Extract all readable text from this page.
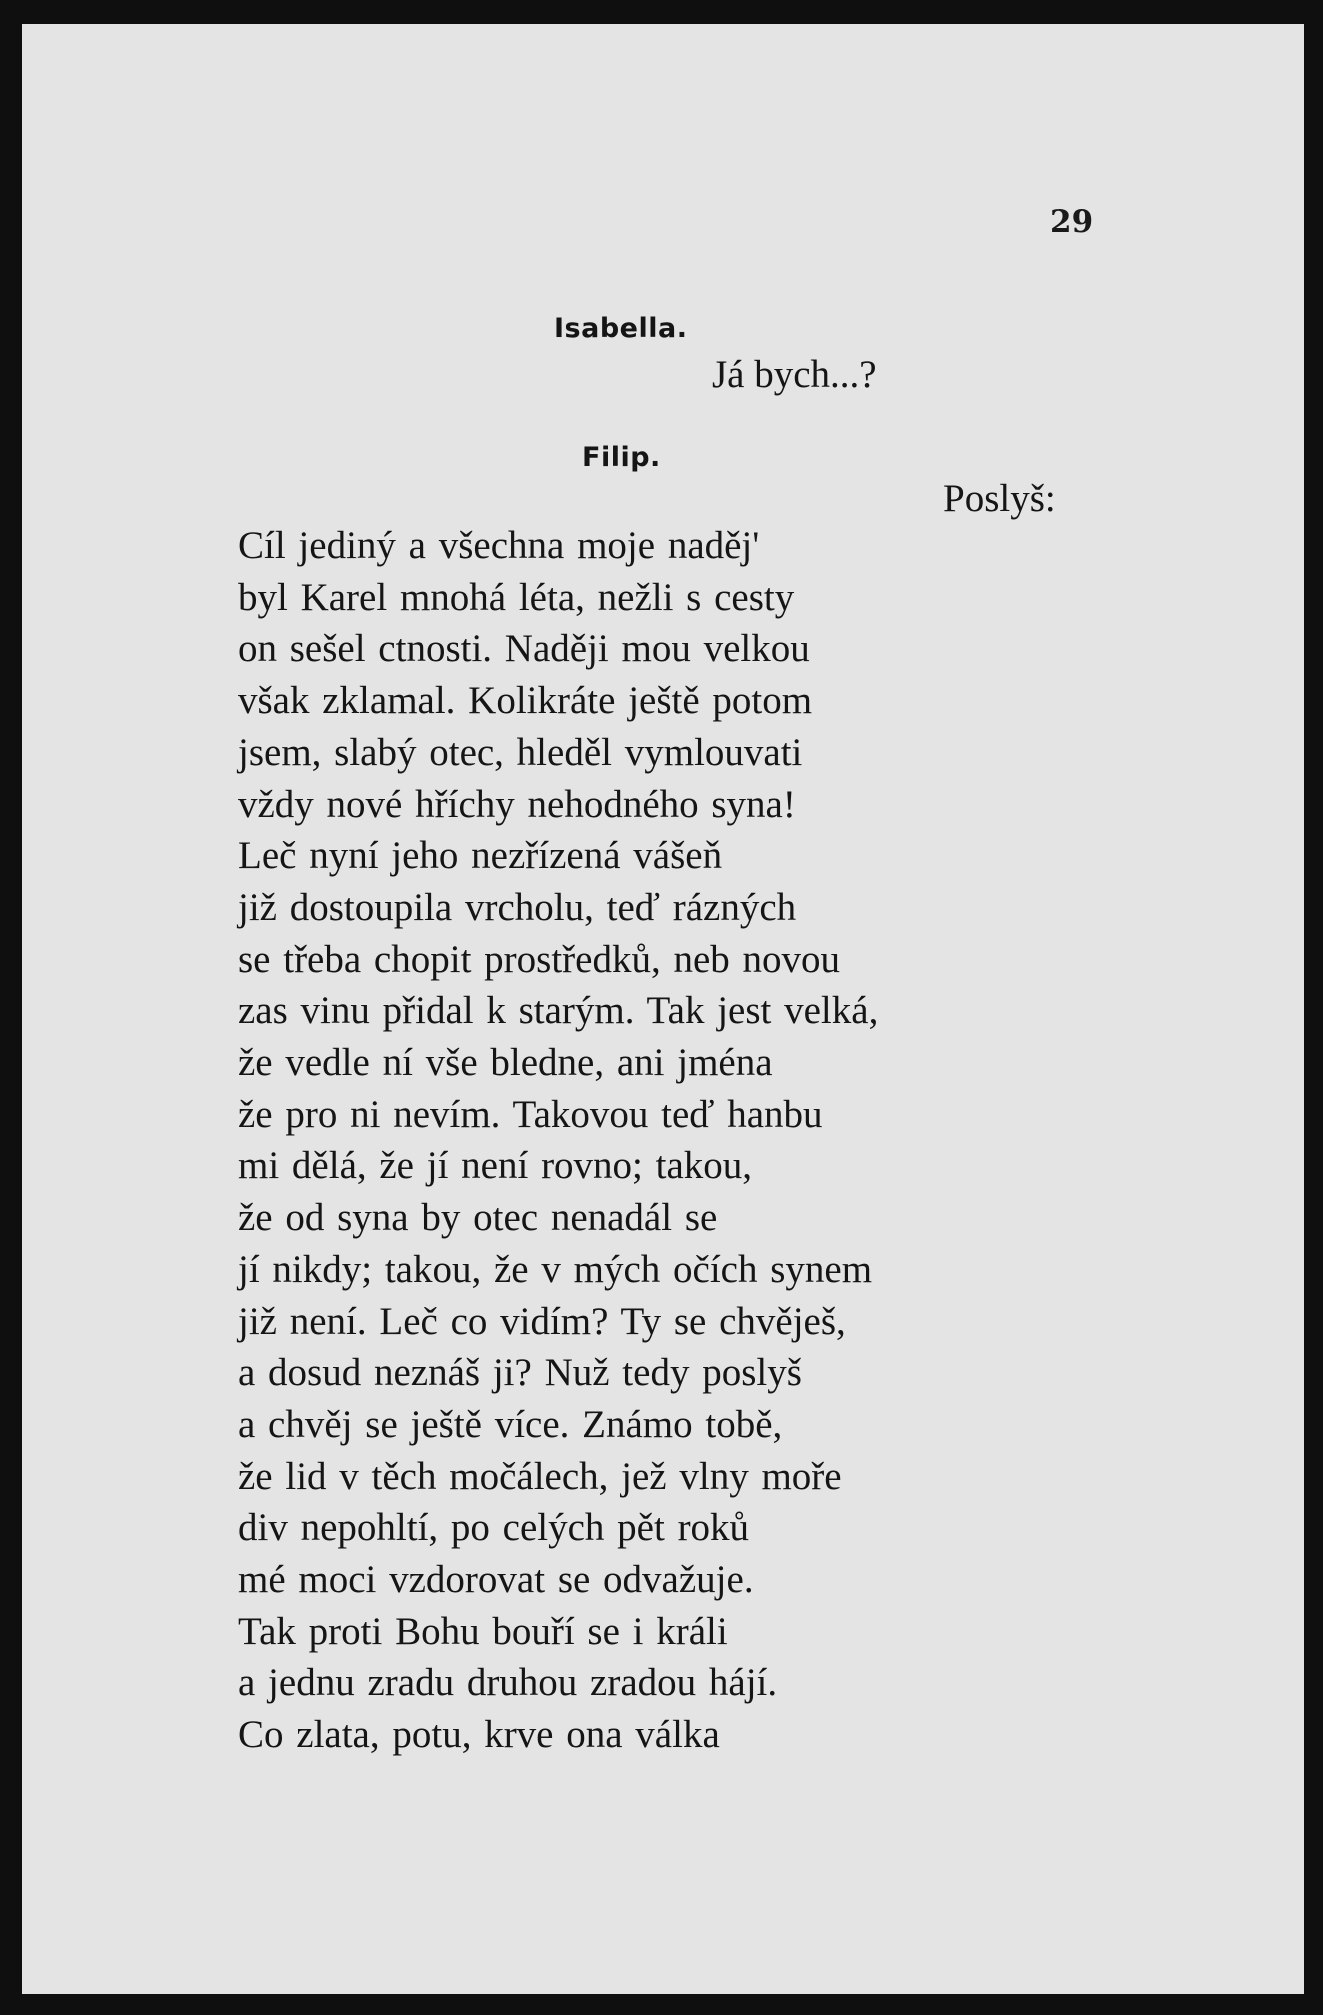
29
Isabella.
Já bych...?
Filip.
Poslyš:
Cíl jediný a všechna moje naděj'
byl Karel mnohá léta, nežli s cesty
on sešel ctnosti. Naději mou velkou
však zklamal. Kolikráte ještě potom
jsem, slabý otec, hleděl vymlouvati
vždy nové hříchy nehodného syna!
Leč nyní jeho nezřízená vášeň
již dostoupila vrcholu, teď rázných
se třeba chopit prostředků, neb novou
zas vinu přidal k starým. Tak jest velká,
že vedle ní vše bledne, ani jména
že pro ni nevím. Takovou teď hanbu
mi dělá, že jí není rovno; takou,
že od syna by otec nenadál se
jí nikdy; takou, že v mých očích synem
již není. Leč co vidím? Ty se chvěješ,
a dosud neznáš ji? Nuž tedy poslyš
a chvěj se ještě více. Známo tobě,
že lid v těch močálech, jež vlny moře
div nepohltí, po celých pět roků
mé moci vzdorovat se odvažuje.
Tak proti Bohu bouří se i králi
a jednu zradu druhou zradou hájí.
Co zlata, potu, krve ona válka
